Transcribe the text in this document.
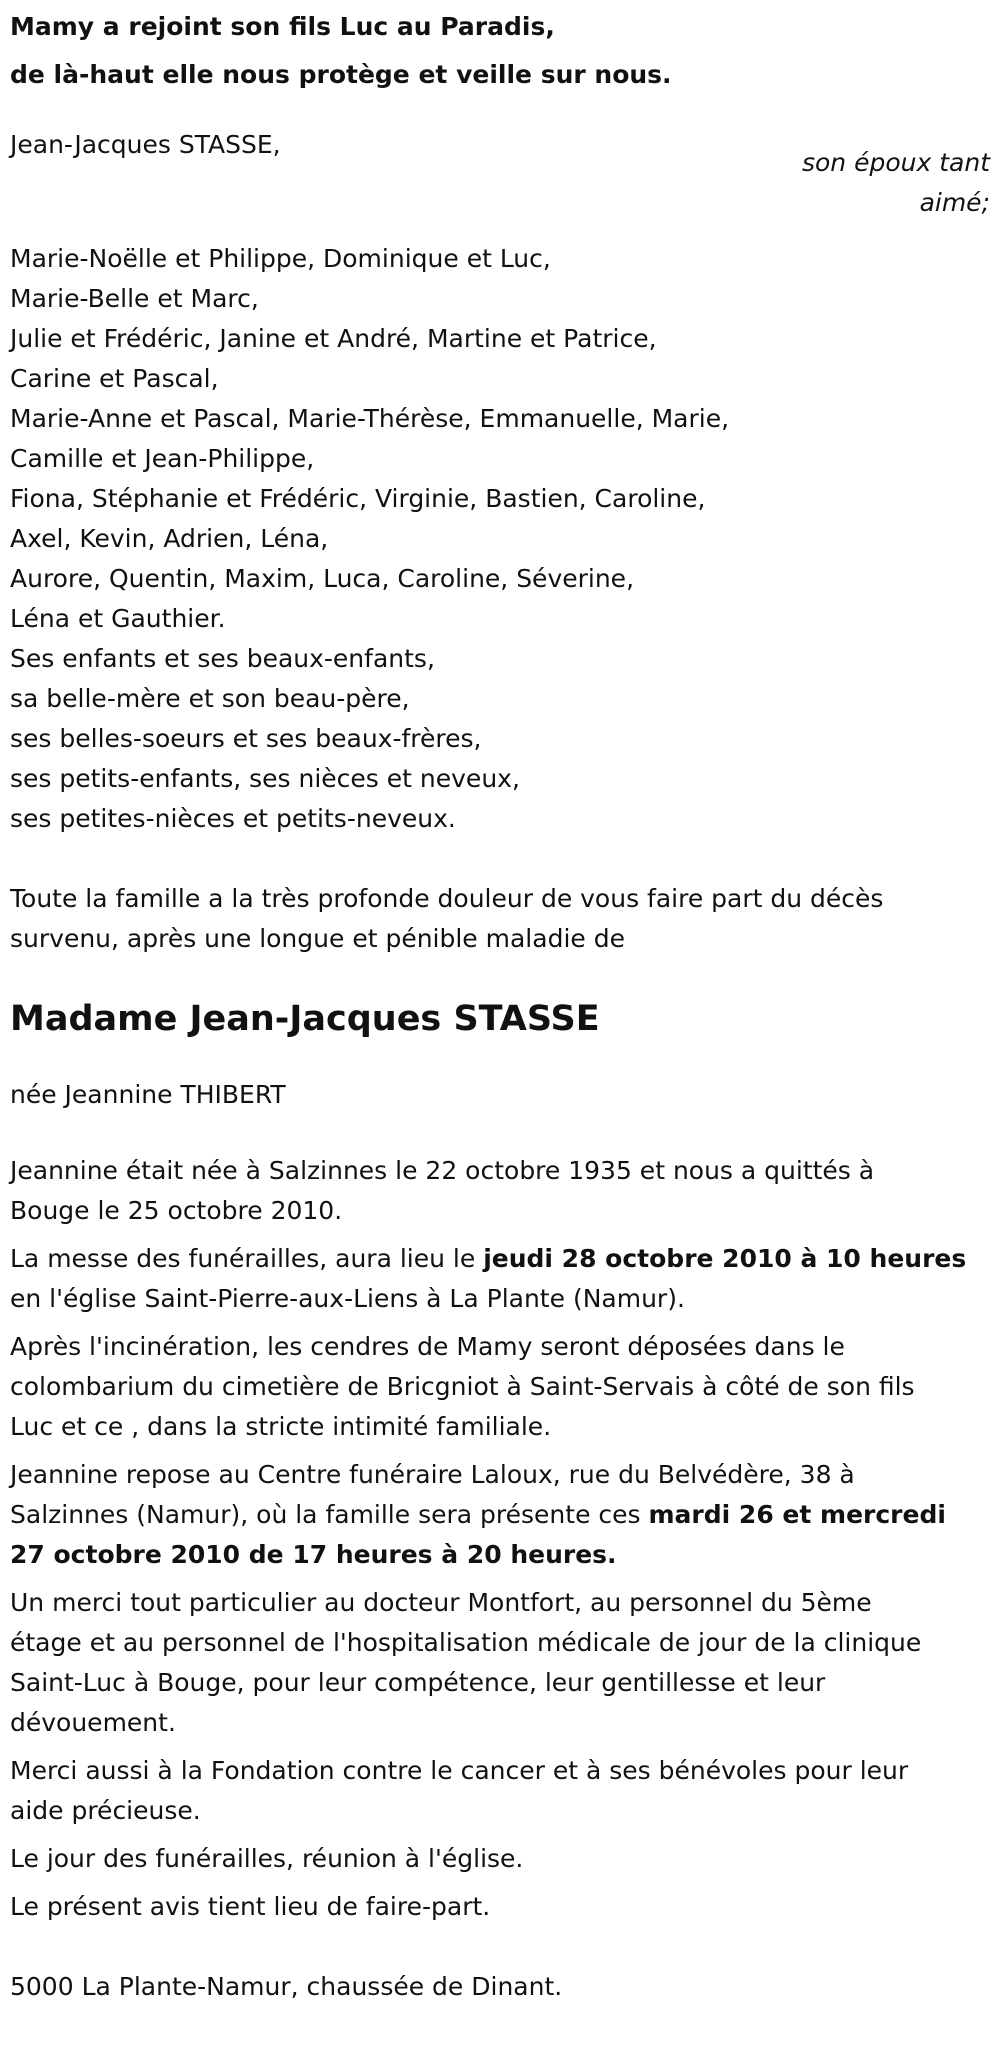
Mamy a rejoint son fils Luc au Paradis,
de là-haut elle nous protège et veille sur nous.
Jean-Jacques STASSE,
son époux tant
aimé;
Marie-Noëlle et Philippe, Dominique et Luc,
Marie-Belle et Marc,
Julie et Frédéric, Janine et André, Martine et Patrice,
Carine et Pascal,
Marie-Anne et Pascal, Marie-Thérèse, Emmanuelle, Marie,
Camille et Jean-Philippe,
Fiona, Stéphanie et Frédéric, Virginie, Bastien, Caroline,
Axel, Kevin, Adrien, Léna,
Aurore, Quentin, Maxim, Luca, Caroline, Séverine,
Léna et Gauthier.
Ses enfants et ses beaux-enfants,
sa belle-mère et son beau-père,
ses belles-soeurs et ses beaux-frères,
ses petits-enfants, ses nièces et neveux,
ses petites-nièces et petits-neveux.
Toute la famille a la très profonde douleur de vous faire part du décès
survenu, après une longue et pénible maladie de
Madame Jean-Jacques STASSE
née Jeannine THIBERT
Jeannine était née à Salzinnes le 22 octobre 1935 et nous a quittés à
Bouge le 25 octobre 2010.
La messe des funérailles, aura lieu le jeudi 28 octobre 2010 à 10 heures
en l'église Saint-Pierre-aux-Liens à La Plante (Namur).
Après l'incinération, les cendres de Mamy seront déposées dans le
colombarium du cimetière de Bricgniot à Saint-Servais à côté de son fils
Luc et ce , dans la stricte intimité familiale.
Jeannine repose au Centre funéraire Laloux, rue du Belvédère, 38 à
Salzinnes (Namur), où la famille sera présente ces mardi 26 et mercredi
27 octobre 2010 de 17 heures à 20 heures.
Un merci tout particulier au docteur Montfort, au personnel du 5ème
étage et au personnel de l'hospitalisation médicale de jour de la clinique
Saint-Luc à Bouge, pour leur compétence, leur gentillesse et leur
dévouement.
Merci aussi à la Fondation contre le cancer et à ses bénévoles pour leur
aide précieuse.
Le jour des funérailles, réunion à l'église.
Le présent avis tient lieu de faire-part.
5000 La Plante-Namur, chaussée de Dinant.
